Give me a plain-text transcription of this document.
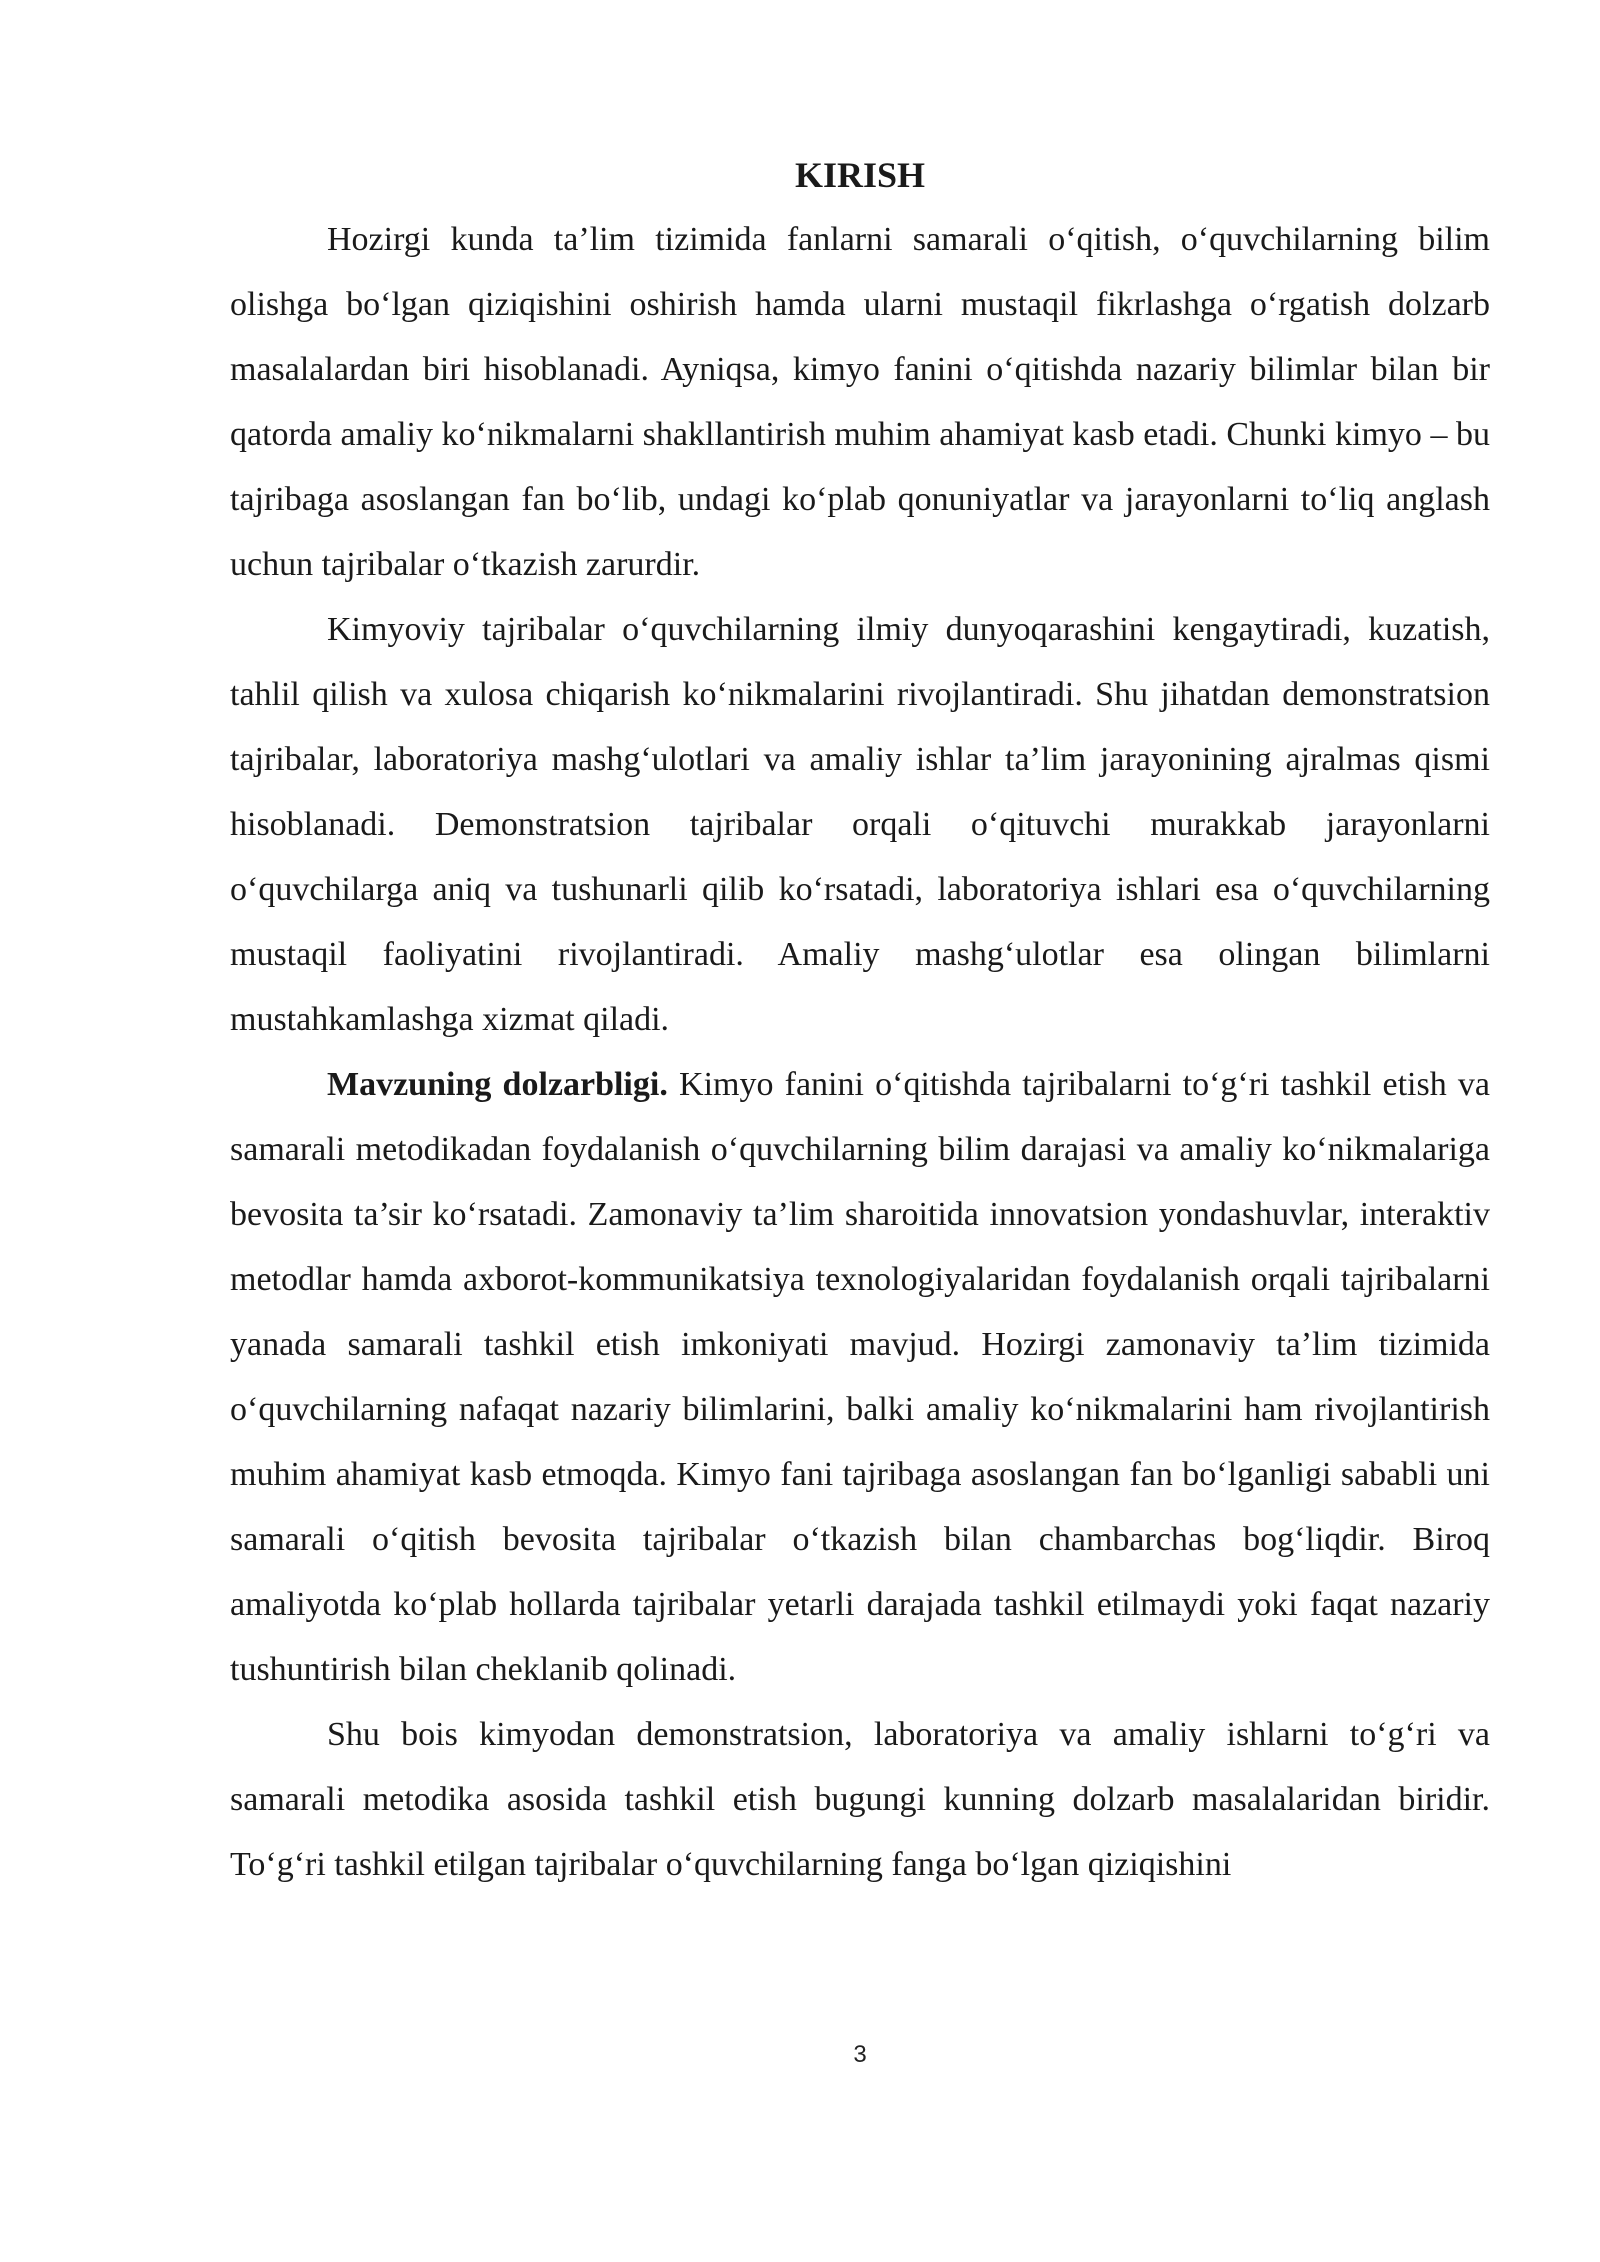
KIRISH

Hozirgi kunda ta’lim tizimida fanlarni samarali o‘qitish, o‘quvchilarning bilim olishga bo‘lgan qiziqishini oshirish hamda ularni mustaqil fikrlashga o‘rgatish dolzarb masalalardan biri hisoblanadi. Ayniqsa, kimyo fanini o‘qitishda nazariy bilimlar bilan bir qatorda amaliy ko‘nikmalarni shakllantirish muhim ahamiyat kasb etadi. Chunki kimyo – bu tajribaga asoslangan fan bo‘lib, undagi ko‘plab qonuniyatlar va jarayonlarni to‘liq anglash uchun tajribalar o‘tkazish zarurdir.

Kimyoviy tajribalar o‘quvchilarning ilmiy dunyoqarashini kengaytiradi, kuzatish, tahlil qilish va xulosa chiqarish ko‘nikmalarini rivojlantiradi. Shu jihatdan demonstratsion tajribalar, laboratoriya mashg‘ulotlari va amaliy ishlar ta’lim jarayonining ajralmas qismi hisoblanadi. Demonstratsion tajribalar orqali o‘qituvchi murakkab jarayonlarni o‘quvchilarga aniq va tushunarli qilib ko‘rsatadi, laboratoriya ishlari esa o‘quvchilarning mustaqil faoliyatini rivojlantiradi. Amaliy mashg‘ulotlar esa olingan bilimlarni mustahkamlashga xizmat qiladi.

Mavzuning dolzarbligi. Kimyo fanini o‘qitishda tajribalarni to‘g‘ri tashkil etish va samarali metodikadan foydalanish o‘quvchilarning bilim darajasi va amaliy ko‘nikmalariga bevosita ta’sir ko‘rsatadi. Zamonaviy ta’lim sharoitida innovatsion yondashuvlar, interaktiv metodlar hamda axborot-kommunikatsiya texnologiyalaridan foydalanish orqali tajribalarni yanada samarali tashkil etish imkoniyati mavjud. Hozirgi zamonaviy ta’lim tizimida o‘quvchilarning nafaqat nazariy bilimlarini, balki amaliy ko‘nikmalarini ham rivojlantirish muhim ahamiyat kasb etmoqda. Kimyo fani tajribaga asoslangan fan bo‘lganligi sababli uni samarali o‘qitish bevosita tajribalar o‘tkazish bilan chambarchas bog‘liqdir. Biroq amaliyotda ko‘plab hollarda tajribalar yetarli darajada tashkil etilmaydi yoki faqat nazariy tushuntirish bilan cheklanib qolinadi.

Shu bois kimyodan demonstratsion, laboratoriya va amaliy ishlarni to‘g‘ri va samarali metodika asosida tashkil etish bugungi kunning dolzarb masalalaridan biridir. To‘g‘ri tashkil etilgan tajribalar o‘quvchilarning fanga bo‘lgan qiziqishini

3
